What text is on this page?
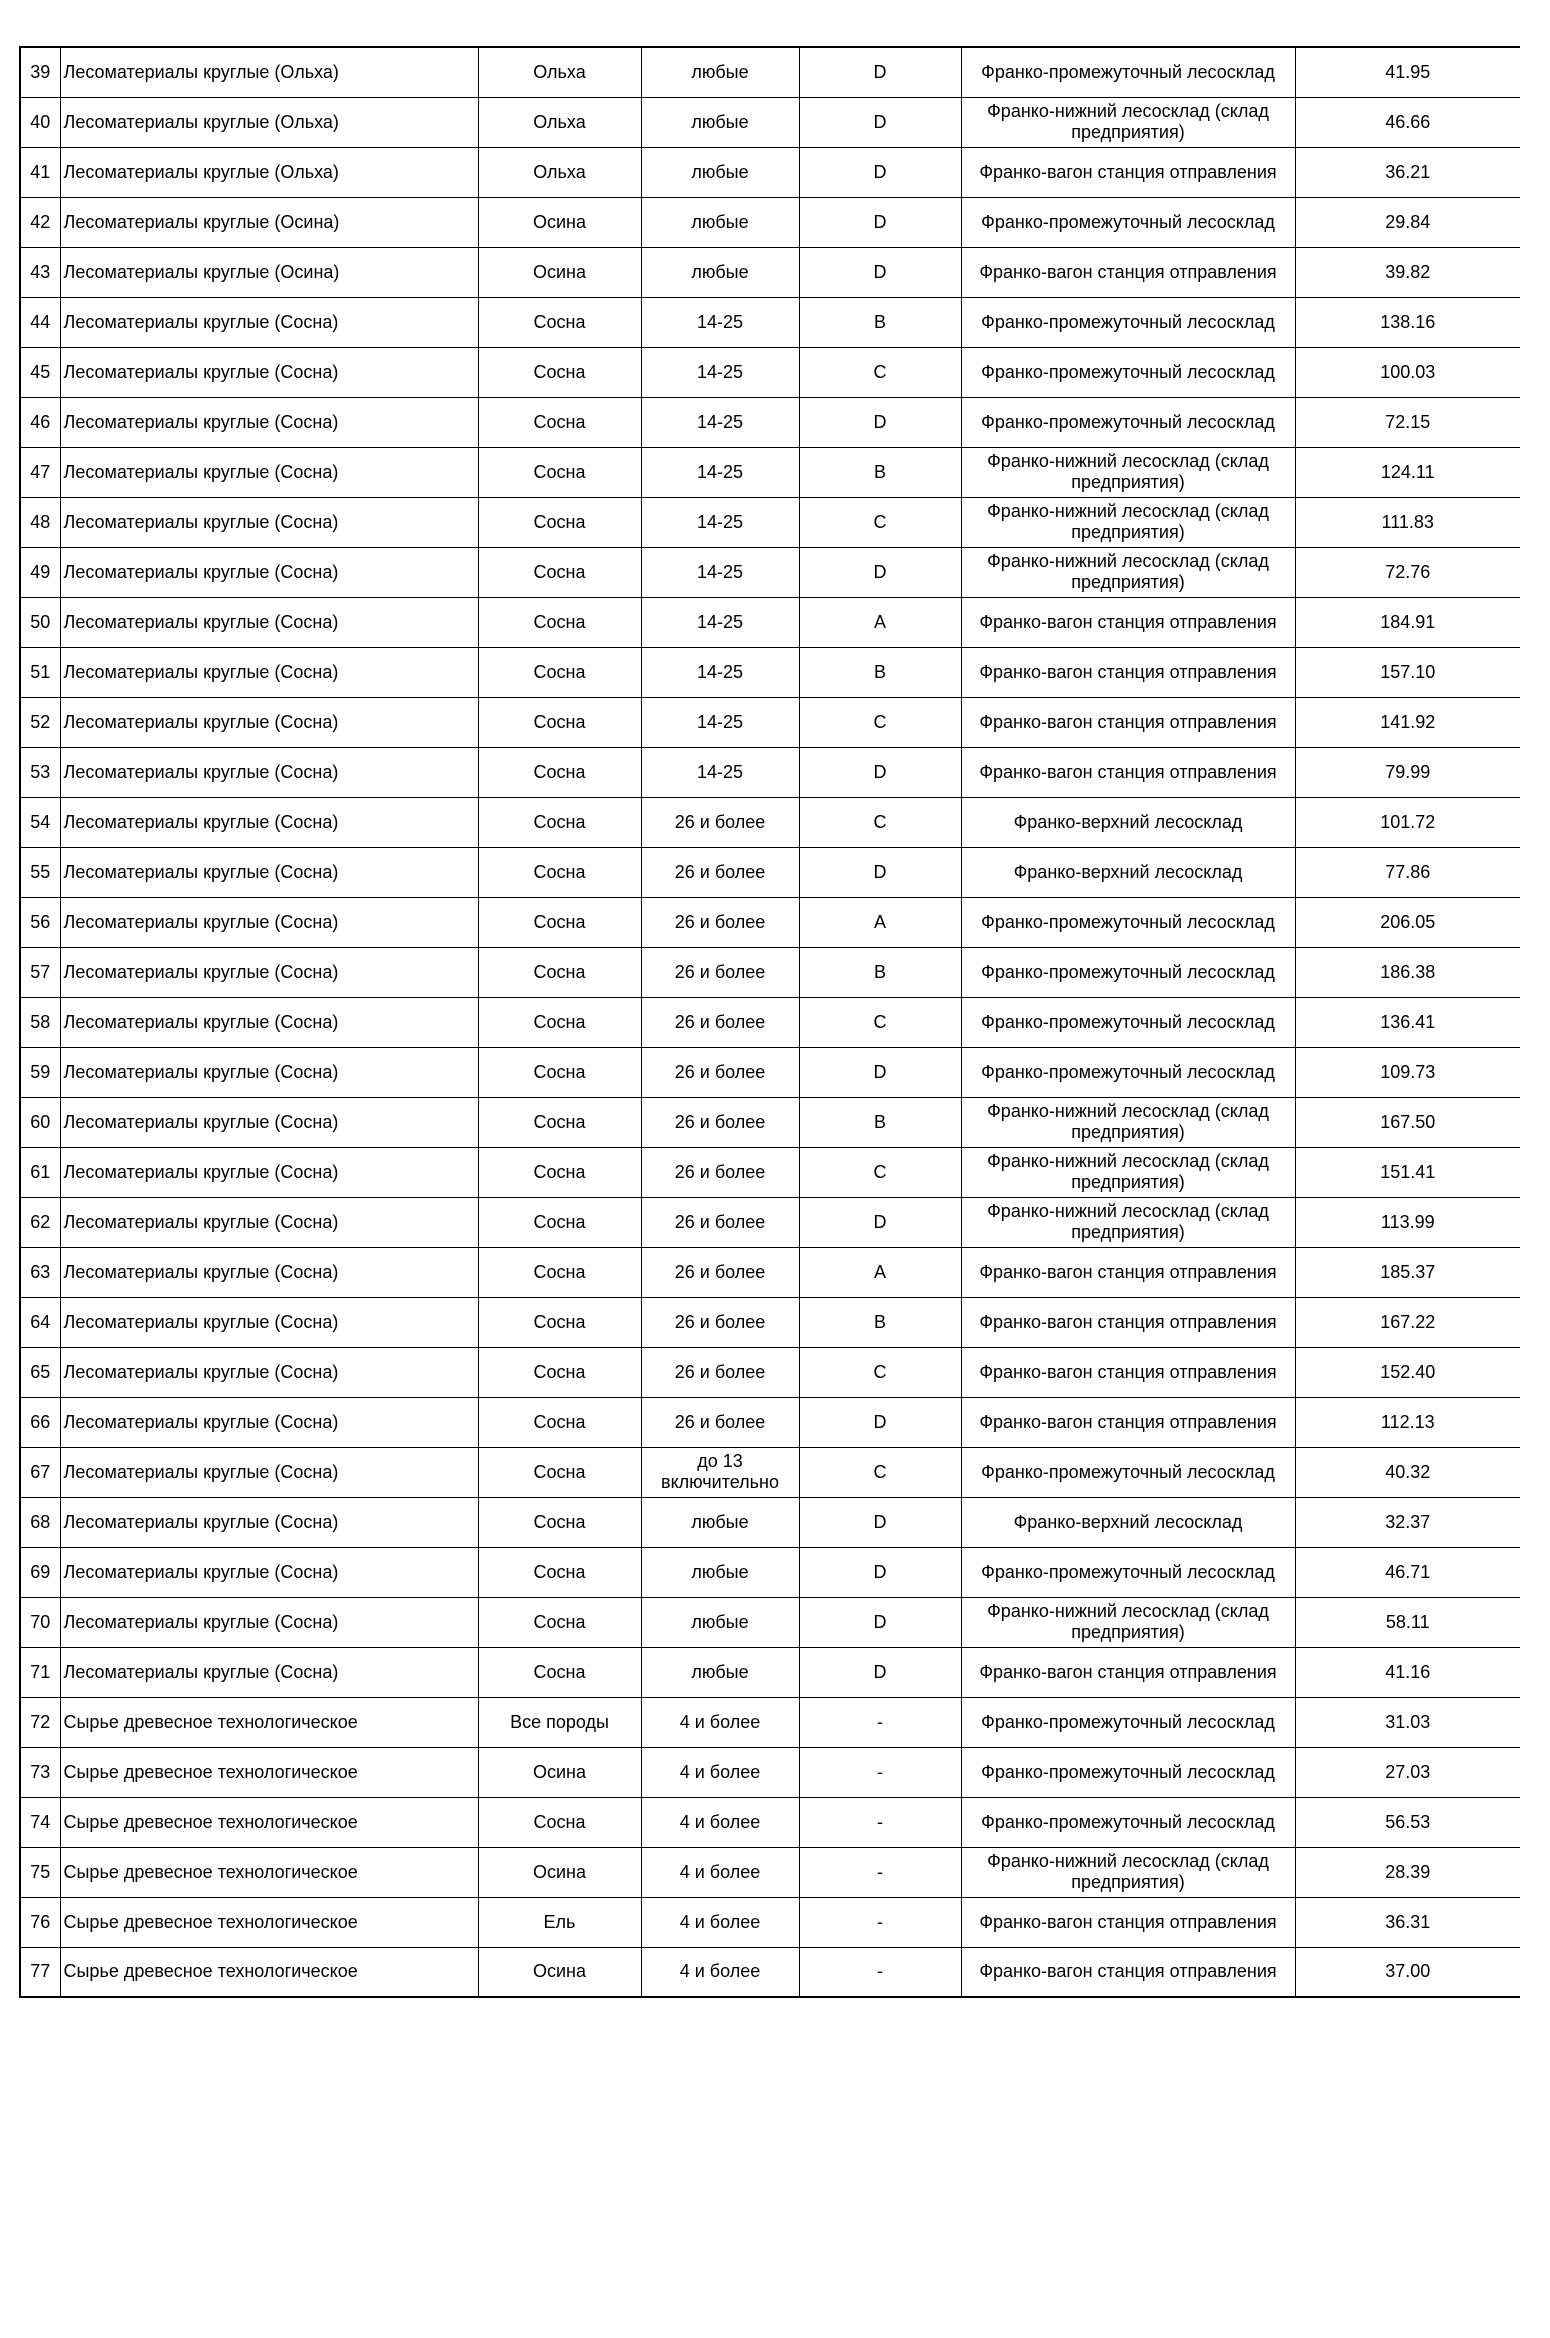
39	Лесоматериалы круглые (Ольха)	Ольха	любые	D	Франко-промежуточный лесосклад	41.95
40	Лесоматериалы круглые (Ольха)	Ольха	любые	D	Франко-нижний лесосклад (склад предприятия)	46.66
41	Лесоматериалы круглые (Ольха)	Ольха	любые	D	Франко-вагон станция отправления	36.21
42	Лесоматериалы круглые (Осина)	Осина	любые	D	Франко-промежуточный лесосклад	29.84
43	Лесоматериалы круглые (Осина)	Осина	любые	D	Франко-вагон станция отправления	39.82
44	Лесоматериалы круглые (Сосна)	Сосна	14-25	B	Франко-промежуточный лесосклад	138.16
45	Лесоматериалы круглые (Сосна)	Сосна	14-25	C	Франко-промежуточный лесосклад	100.03
46	Лесоматериалы круглые (Сосна)	Сосна	14-25	D	Франко-промежуточный лесосклад	72.15
47	Лесоматериалы круглые (Сосна)	Сосна	14-25	B	Франко-нижний лесосклад (склад предприятия)	124.11
48	Лесоматериалы круглые (Сосна)	Сосна	14-25	C	Франко-нижний лесосклад (склад предприятия)	111.83
49	Лесоматериалы круглые (Сосна)	Сосна	14-25	D	Франко-нижний лесосклад (склад предприятия)	72.76
50	Лесоматериалы круглые (Сосна)	Сосна	14-25	A	Франко-вагон станция отправления	184.91
51	Лесоматериалы круглые (Сосна)	Сосна	14-25	B	Франко-вагон станция отправления	157.10
52	Лесоматериалы круглые (Сосна)	Сосна	14-25	C	Франко-вагон станция отправления	141.92
53	Лесоматериалы круглые (Сосна)	Сосна	14-25	D	Франко-вагон станция отправления	79.99
54	Лесоматериалы круглые (Сосна)	Сосна	26 и более	C	Франко-верхний лесосклад	101.72
55	Лесоматериалы круглые (Сосна)	Сосна	26 и более	D	Франко-верхний лесосклад	77.86
56	Лесоматериалы круглые (Сосна)	Сосна	26 и более	A	Франко-промежуточный лесосклад	206.05
57	Лесоматериалы круглые (Сосна)	Сосна	26 и более	B	Франко-промежуточный лесосклад	186.38
58	Лесоматериалы круглые (Сосна)	Сосна	26 и более	C	Франко-промежуточный лесосклад	136.41
59	Лесоматериалы круглые (Сосна)	Сосна	26 и более	D	Франко-промежуточный лесосклад	109.73
60	Лесоматериалы круглые (Сосна)	Сосна	26 и более	B	Франко-нижний лесосклад (склад предприятия)	167.50
61	Лесоматериалы круглые (Сосна)	Сосна	26 и более	C	Франко-нижний лесосклад (склад предприятия)	151.41
62	Лесоматериалы круглые (Сосна)	Сосна	26 и более	D	Франко-нижний лесосклад (склад предприятия)	113.99
63	Лесоматериалы круглые (Сосна)	Сосна	26 и более	A	Франко-вагон станция отправления	185.37
64	Лесоматериалы круглые (Сосна)	Сосна	26 и более	B	Франко-вагон станция отправления	167.22
65	Лесоматериалы круглые (Сосна)	Сосна	26 и более	C	Франко-вагон станция отправления	152.40
66	Лесоматериалы круглые (Сосна)	Сосна	26 и более	D	Франко-вагон станция отправления	112.13
67	Лесоматериалы круглые (Сосна)	Сосна	до 13 включительно	C	Франко-промежуточный лесосклад	40.32
68	Лесоматериалы круглые (Сосна)	Сосна	любые	D	Франко-верхний лесосклад	32.37
69	Лесоматериалы круглые (Сосна)	Сосна	любые	D	Франко-промежуточный лесосклад	46.71
70	Лесоматериалы круглые (Сосна)	Сосна	любые	D	Франко-нижний лесосклад (склад предприятия)	58.11
71	Лесоматериалы круглые (Сосна)	Сосна	любые	D	Франко-вагон станция отправления	41.16
72	Сырье древесное технологическое	Все породы	4 и более	-	Франко-промежуточный лесосклад	31.03
73	Сырье древесное технологическое	Осина	4 и более	-	Франко-промежуточный лесосклад	27.03
74	Сырье древесное технологическое	Сосна	4 и более	-	Франко-промежуточный лесосклад	56.53
75	Сырье древесное технологическое	Осина	4 и более	-	Франко-нижний лесосклад (склад предприятия)	28.39
76	Сырье древесное технологическое	Ель	4 и более	-	Франко-вагон станция отправления	36.31
77	Сырье древесное технологическое	Осина	4 и более	-	Франко-вагон станция отправления	37.00
